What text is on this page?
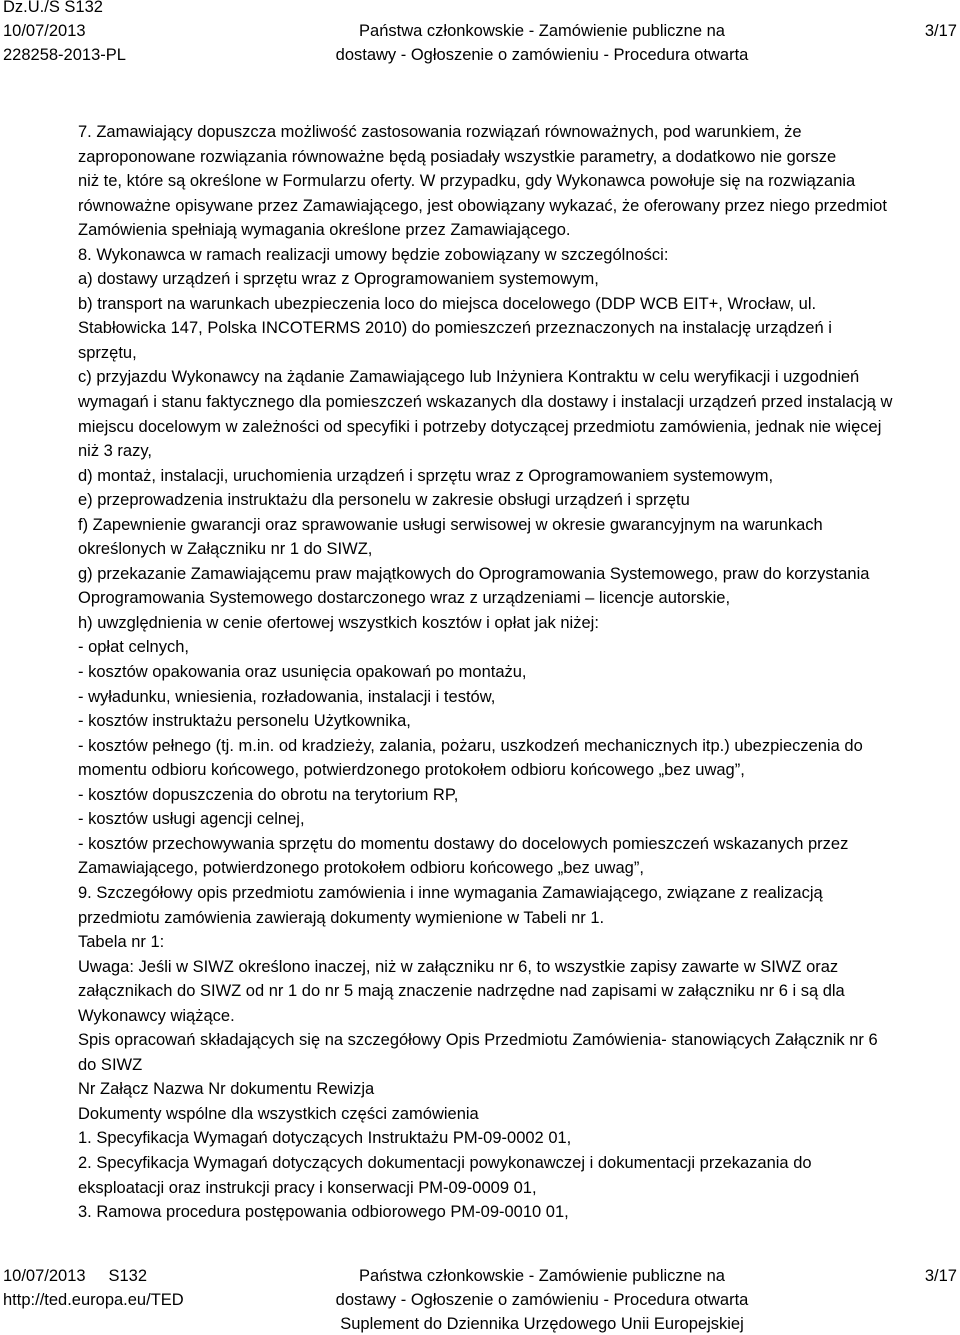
Dz.U./S S132
10/07/2013
228258-2013-PL
Państwa członkowskie - Zamówienie publiczne na
dostawy - Ogłoszenie o zamówieniu - Procedura otwarta
3/17
7. Zamawiający dopuszcza możliwość zastosowania rozwiązań równoważnych, pod warunkiem, że
zaproponowane rozwiązania równoważne będą posiadały wszystkie parametry, a dodatkowo nie gorsze
niż te, które są określone w Formularzu oferty. W przypadku, gdy Wykonawca powołuje się na rozwiązania
równoważne opisywane przez Zamawiającego, jest obowiązany wykazać, że oferowany przez niego przedmiot
Zamówienia spełniają wymagania określone przez Zamawiającego.
8. Wykonawca w ramach realizacji umowy będzie zobowiązany w szczególności:
a) dostawy urządzeń i sprzętu wraz z Oprogramowaniem systemowym,
b) transport na warunkach ubezpieczenia loco do miejsca docelowego (DDP WCB EIT+, Wrocław, ul.
Stabłowicka 147, Polska INCOTERMS 2010) do pomieszczeń przeznaczonych na instalację urządzeń i
sprzętu,
c) przyjazdu Wykonawcy na żądanie Zamawiającego lub Inżyniera Kontraktu w celu weryfikacji i uzgodnień
wymagań i stanu faktycznego dla pomieszczeń wskazanych dla dostawy i instalacji urządzeń przed instalacją w
miejscu docelowym w zależności od specyfiki i potrzeby dotyczącej przedmiotu zamówienia, jednak nie więcej
niż 3 razy,
d) montaż, instalacji, uruchomienia urządzeń i sprzętu wraz z Oprogramowaniem systemowym,
e) przeprowadzenia instruktażu dla personelu w zakresie obsługi urządzeń i sprzętu
f) Zapewnienie gwarancji oraz sprawowanie usługi serwisowej w okresie gwarancyjnym na warunkach
określonych w Załączniku nr 1 do SIWZ,
g) przekazanie Zamawiającemu praw majątkowych do Oprogramowania Systemowego, praw do korzystania
Oprogramowania Systemowego dostarczonego wraz z urządzeniami – licencje autorskie,
h) uwzględnienia w cenie ofertowej wszystkich kosztów i opłat jak niżej:
- opłat celnych,
- kosztów opakowania oraz usunięcia opakowań po montażu,
- wyładunku, wniesienia, rozładowania, instalacji i testów,
- kosztów instruktażu personelu Użytkownika,
- kosztów pełnego (tj. m.in. od kradzieży, zalania, pożaru, uszkodzeń mechanicznych itp.) ubezpieczenia do
momentu odbioru końcowego, potwierdzonego protokołem odbioru końcowego „bez uwag”,
- kosztów dopuszczenia do obrotu na terytorium RP,
- kosztów usługi agencji celnej,
- kosztów przechowywania sprzętu do momentu dostawy do docelowych pomieszczeń wskazanych przez
Zamawiającego, potwierdzonego protokołem odbioru końcowego „bez uwag”,
9. Szczegółowy opis przedmiotu zamówienia i inne wymagania Zamawiającego, związane z realizacją
przedmiotu zamówienia zawierają dokumenty wymienione w Tabeli nr 1.
Tabela nr 1:
Uwaga: Jeśli w SIWZ określono inaczej, niż w załączniku nr 6, to wszystkie zapisy zawarte w SIWZ oraz
załącznikach do SIWZ od nr 1 do nr 5 mają znaczenie nadrzędne nad zapisami w załączniku nr 6 i są dla
Wykonawcy wiążące.
Spis opracowań składających się na szczegółowy Opis Przedmiotu Zamówienia- stanowiących Załącznik nr 6
do SIWZ
Nr Załącz Nazwa Nr dokumentu Rewizja
Dokumenty wspólne dla wszystkich części zamówienia
1. Specyfikacja Wymagań dotyczących Instruktażu PM-09-0002 01,
2. Specyfikacja Wymagań dotyczących dokumentacji powykonawczej i dokumentacji przekazania do
eksploatacji oraz instrukcji pracy i konserwacji PM-09-0009 01,
3. Ramowa procedura postępowania odbiorowego PM-09-0010 01,
10/07/2013     S132
http://ted.europa.eu/TED
Państwa członkowskie - Zamówienie publiczne na
dostawy - Ogłoszenie o zamówieniu - Procedura otwarta
Suplement do Dziennika Urzędowego Unii Europejskiej
3/17
